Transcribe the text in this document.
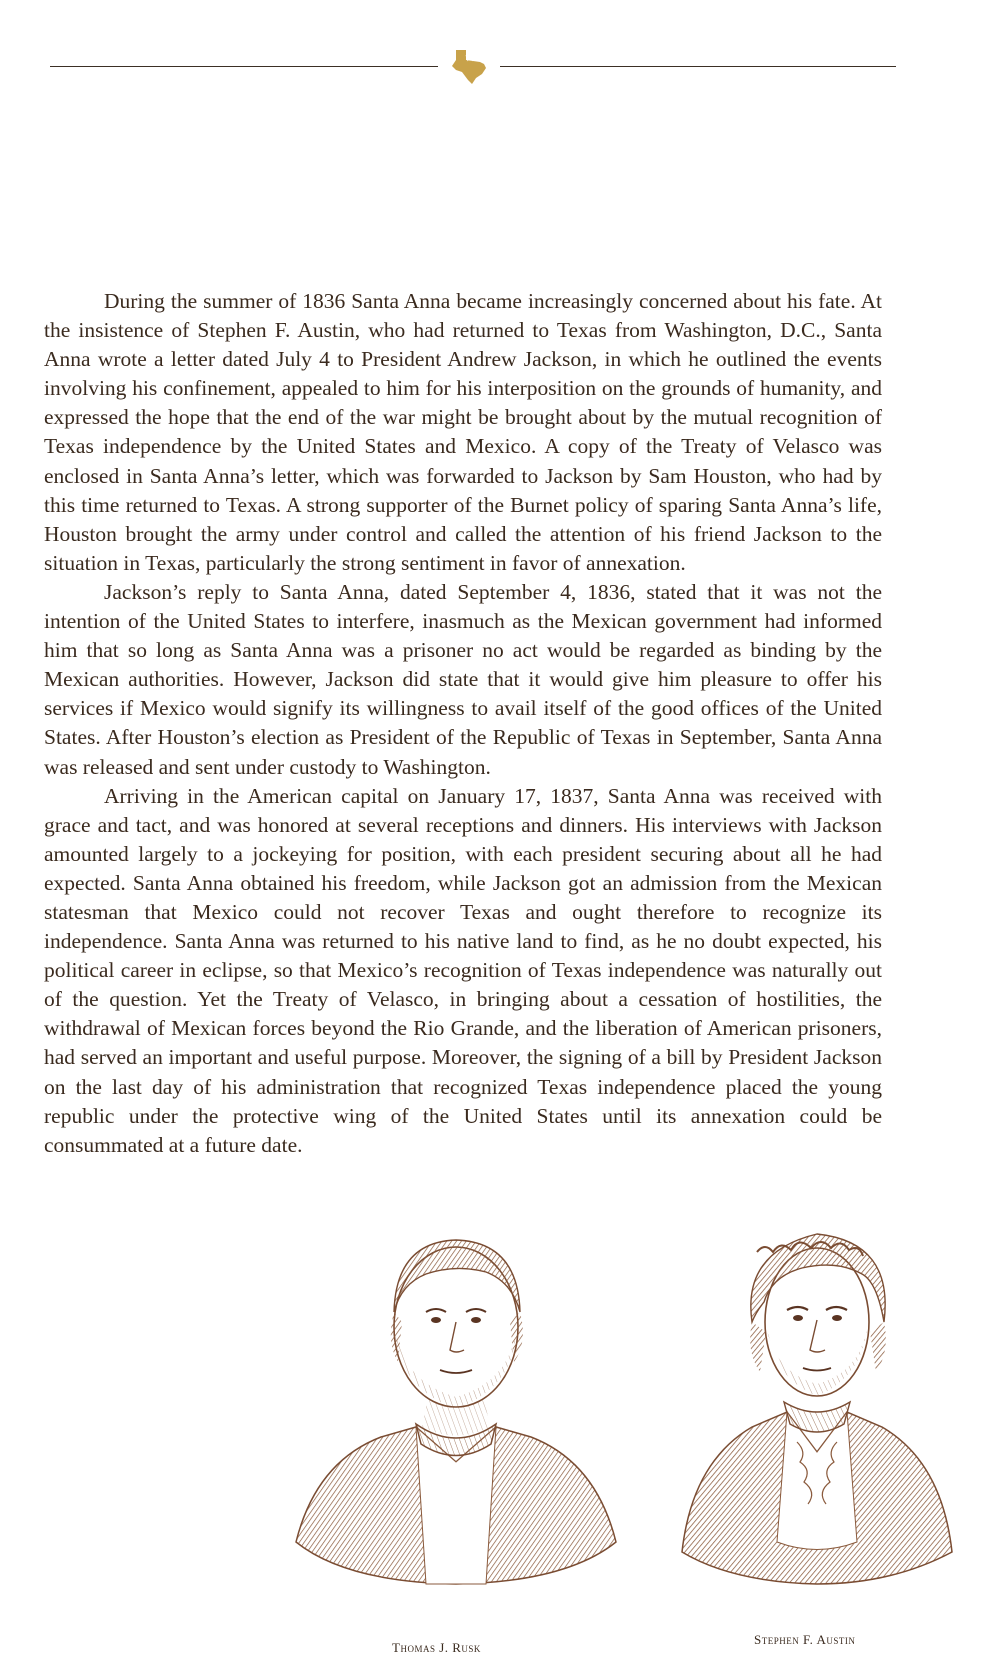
During the summer of 1836 Santa Anna became increasingly concerned about his fate. At the insistence of Stephen F. Austin, who had returned to Texas from Washington, D.C., Santa Anna wrote a letter dated July 4 to President Andrew Jackson, in which he outlined the events involving his confinement, appealed to him for his interposition on the grounds of humanity, and expressed the hope that the end of the war might be brought about by the mutual recognition of Texas independence by the United States and Mexico. A copy of the Treaty of Velasco was enclosed in Santa Anna’s letter, which was forwarded to Jackson by Sam Houston, who had by this time returned to Texas. A strong supporter of the Burnet policy of sparing Santa Anna’s life, Houston brought the army under control and called the attention of his friend Jackson to the situation in Texas, particularly the strong sentiment in favor of annexation.

Jackson’s reply to Santa Anna, dated September 4, 1836, stated that it was not the intention of the United States to interfere, inasmuch as the Mexican government had informed him that so long as Santa Anna was a prisoner no act would be regarded as binding by the Mexican authorities. However, Jackson did state that it would give him pleasure to offer his services if Mexico would signify its willingness to avail itself of the good offices of the United States. After Houston’s election as President of the Republic of Texas in September, Santa Anna was released and sent under custody to Washington.

Arriving in the American capital on January 17, 1837, Santa Anna was received with grace and tact, and was honored at several receptions and dinners. His interviews with Jackson amounted largely to a jockeying for position, with each president securing about all he had expected. Santa Anna obtained his freedom, while Jackson got an admission from the Mexican statesman that Mexico could not recover Texas and ought therefore to recognize its independence. Santa Anna was returned to his native land to find, as he no doubt expected, his political career in eclipse, so that Mexico’s recognition of Texas independence was naturally out of the question. Yet the Treaty of Velasco, in bringing about a cessation of hostilities, the withdrawal of Mexican forces beyond the Rio Grande, and the liberation of American prisoners, had served an important and useful purpose. Moreover, the signing of a bill by President Jackson on the last day of his administration that recognized Texas independence placed the young republic under the protective wing of the United States until its annexation could be consummated at a future date.

Thomas J. Rusk
Stephen F. Austin
